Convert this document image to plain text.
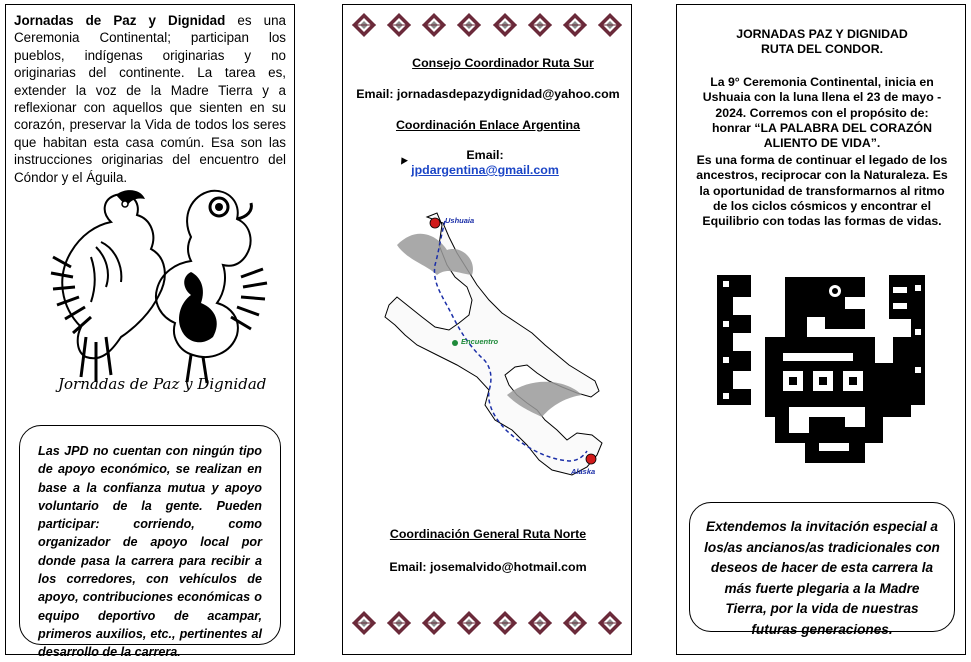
Jornadas de Paz y Dignidad es una Ceremonia Continental; participan los pueblos, indígenas originarias y no originarias del continente. La tarea es, extender la voz de la Madre Tierra y a reflexionar con aquellos que sienten en su corazón, preservar la Vida de todos los seres que habitan esta casa común. Esa son las instrucciones originarias del encuentro del Cóndor y el Águila.
Jornadas de Paz y Dignidad
Las JPD no cuentan con ningún tipo de apoyo económico, se realizan en base a la confianza mutua y apoyo voluntario de la gente. Pueden participar: corriendo, como organizador de apoyo local por donde pasa la carrera para recibir a los corredores, con vehículos de apoyo, contribuciones económicas o equipo deportivo de acampar, primeros auxilios, etc., pertinentes al desarrollo de la carrera.
Consejo Coordinador Ruta Sur
Email: jornadasdepazydignidad@yahoo.com
Coordinación Enlace Argentina
Email:
jpdargentina@gmail.com
Ushuaia
Encuentro
Alaska
Coordinación General Ruta Norte
Email: josemalvido@hotmail.com
JORNADAS PAZ Y DIGNIDAD
RUTA DEL CONDOR.
La 9° Ceremonia Continental, inicia en Ushuaia con la luna llena el 23 de mayo - 2024. Corremos con el propósito de: honrar “LA PALABRA DEL CORAZÓN ALIENTO DE VIDA”.
Es una forma de continuar el legado de los ancestros, reciprocar con la Naturaleza. Es la oportunidad de transformarnos al ritmo de los ciclos cósmicos y encontrar el Equilibrio con todas las formas de vidas.
Extendemos la invitación especial a los/as ancianos/as tradicionales con deseos de hacer de esta carrera la más fuerte plegaria a la Madre Tierra, por la vida de nuestras futuras generaciones.
